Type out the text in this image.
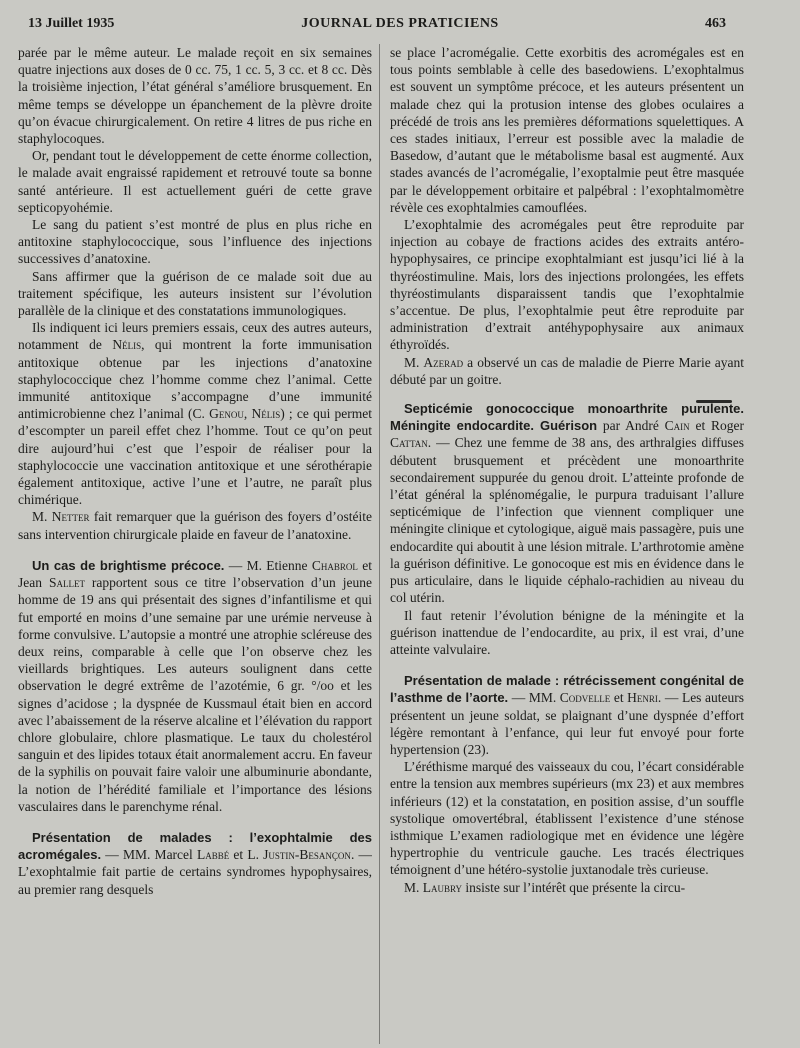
13 Juillet 1935	JOURNAL DES PRATICIENS	463

parée par le même auteur. Le malade reçoit en six semaines quatre injections aux doses de 0 cc. 75, 1 cc. 5, 3 cc. et 8 cc. Dès la troisième injection, l’état général s’améliore brusquement. En même temps se développe un épanchement de la plèvre droite qu’on évacue chirurgicalement. On retire 4 litres de pus riche en staphylocoques.

Or, pendant tout le développement de cette énorme collection, le malade avait engraissé rapidement et retrouvé toute sa bonne santé antérieure. Il est actuellement guéri de cette grave septicopyohémie.

Le sang du patient s’est montré de plus en plus riche en antitoxine staphylococcique, sous l’influence des injections successives d’anatoxine.

Sans affirmer que la guérison de ce malade soit due au traitement spécifique, les auteurs insistent sur l’évolution parallèle de la clinique et des constatations immunologiques.

Ils indiquent ici leurs premiers essais, ceux des autres auteurs, notamment de Nélis, qui montrent la forte immunisation antitoxique obtenue par les injections d’anatoxine staphylococcique chez l’homme comme chez l’animal. Cette immunité antitoxique s’accompagne d’une immunité antimicrobienne chez l’animal (C. Genou, Nélis) ; ce qui permet d’escompter un pareil effet chez l’homme. Tout ce qu’on peut dire aujourd’hui c’est que l’espoir de réaliser pour la staphylococcie une vaccination antitoxique et une sérothérapie également antitoxique, active l’une et l’autre, ne paraît plus chimérique.

M. Netter fait remarquer que la guérison des foyers d’ostéite sans intervention chirurgicale plaide en faveur de l’anatoxine.

Un cas de brightisme précoce. — M. Etienne Chabrol et Jean Sallet rapportent sous ce titre l’observation d’un jeune homme de 19 ans qui présentait des signes d’infantilisme et qui fut emporté en moins d’une semaine par une urémie nerveuse à forme convulsive. L’autopsie a montré une atrophie scléreuse des deux reins, comparable à celle que l’on observe chez les vieillards brightiques. Les auteurs soulignent dans cette observation le degré extrême de l’azotémie, 6 gr. °/oo et les signes d’acidose ; la dyspnée de Kussmaul était bien en accord avec l’abaissement de la réserve alcaline et l’élévation du rapport chlore globulaire, chlore plasmatique. Le taux du cholestérol sanguin et des lipides totaux était anormalement accru. En faveur de la syphilis on pouvait faire valoir une albuminurie abondante, la notion de l’hérédité familiale et l’importance des lésions vasculaires dans le parenchyme rénal.

Présentation de malades : l’exophtalmie des acromégales. — MM. Marcel Labbé et L. Justin-Besançon. — L’exophtalmie fait partie de certains syndromes hypophysaires, au premier rang desquels

se place l’acromégalie. Cette exorbitis des acromégales est en tous points semblable à celle des basedowiens. L’exophtalmus est souvent un symptôme précoce, et les auteurs présentent un malade chez qui la protusion intense des globes oculaires a précédé de trois ans les premières déformations squelettiques. A ces stades initiaux, l’erreur est possible avec la maladie de Basedow, d’autant que le métabolisme basal est augmenté. Aux stades avancés de l’acromégalie, l’exoptalmie peut être masquée par le développement orbitaire et palpébral : l’exophtalmomètre révèle ces exophtalmies camouflées.

L’exophtalmie des acromégales peut être reproduite par injection au cobaye de fractions acides des extraits antéro-hypophysaires, ce principe exophtalmiant est jusqu’ici lié à la thyréostimuline. Mais, lors des injections prolongées, les effets thyréostimulants disparaissent tandis que l’exophtalmie s’accentue. De plus, l’exophtalmie peut être reproduite par administration d’extrait antéhypophysaire aux animaux éthyroïdés.

M. Azerad a observé un cas de maladie de Pierre Marie ayant débuté par un goitre.

Septicémie gonococcique monoarthrite purulente. Méningite endocardite. Guérison par André Cain et Roger Cattan. — Chez une femme de 38 ans, des arthralgies diffuses débutent brusquement et précèdent une monoarthrite secondairement suppurée du genou droit. L’atteinte profonde de l’état général la splénomégalie, le purpura traduisant l’allure septicémique de l’infection que viennent compliquer une méningite clinique et cytologique, aiguë mais passagère, puis une endocardite qui aboutit à une lésion mitrale. L’arthrotomie amène la guérison définitive. Le gonocoque est mis en évidence dans le pus articulaire, dans le liquide céphalo-rachidien au niveau du col utérin.

Il faut retenir l’évolution bénigne de la méningite et la guérison inattendue de l’endocardite, au prix, il est vrai, d’une atteinte valvulaire.

Présentation de malade : rétrécissement congénital de l’asthme de l’aorte. — MM. Codvelle et Henri. — Les auteurs présentent un jeune soldat, se plaignant d’une dyspnée d’effort légère remontant à l’enfance, qui leur fut envoyé pour forte hypertension (23).

L’éréthisme marqué des vaisseaux du cou, l’écart considérable entre la tension aux membres supérieurs (mx 23) et aux membres inférieurs (12) et la constatation, en position assise, d’un souffle systolique omovertébral, établissent l’existence d’une sténose isthmique L’examen radiologique met en évidence une légère hypertrophie du ventricule gauche. Les tracés électriques témoignent d’une hétéro-systolie juxtanodale très curieuse.

M. Laubry insiste sur l’intérêt que présente la circu-
